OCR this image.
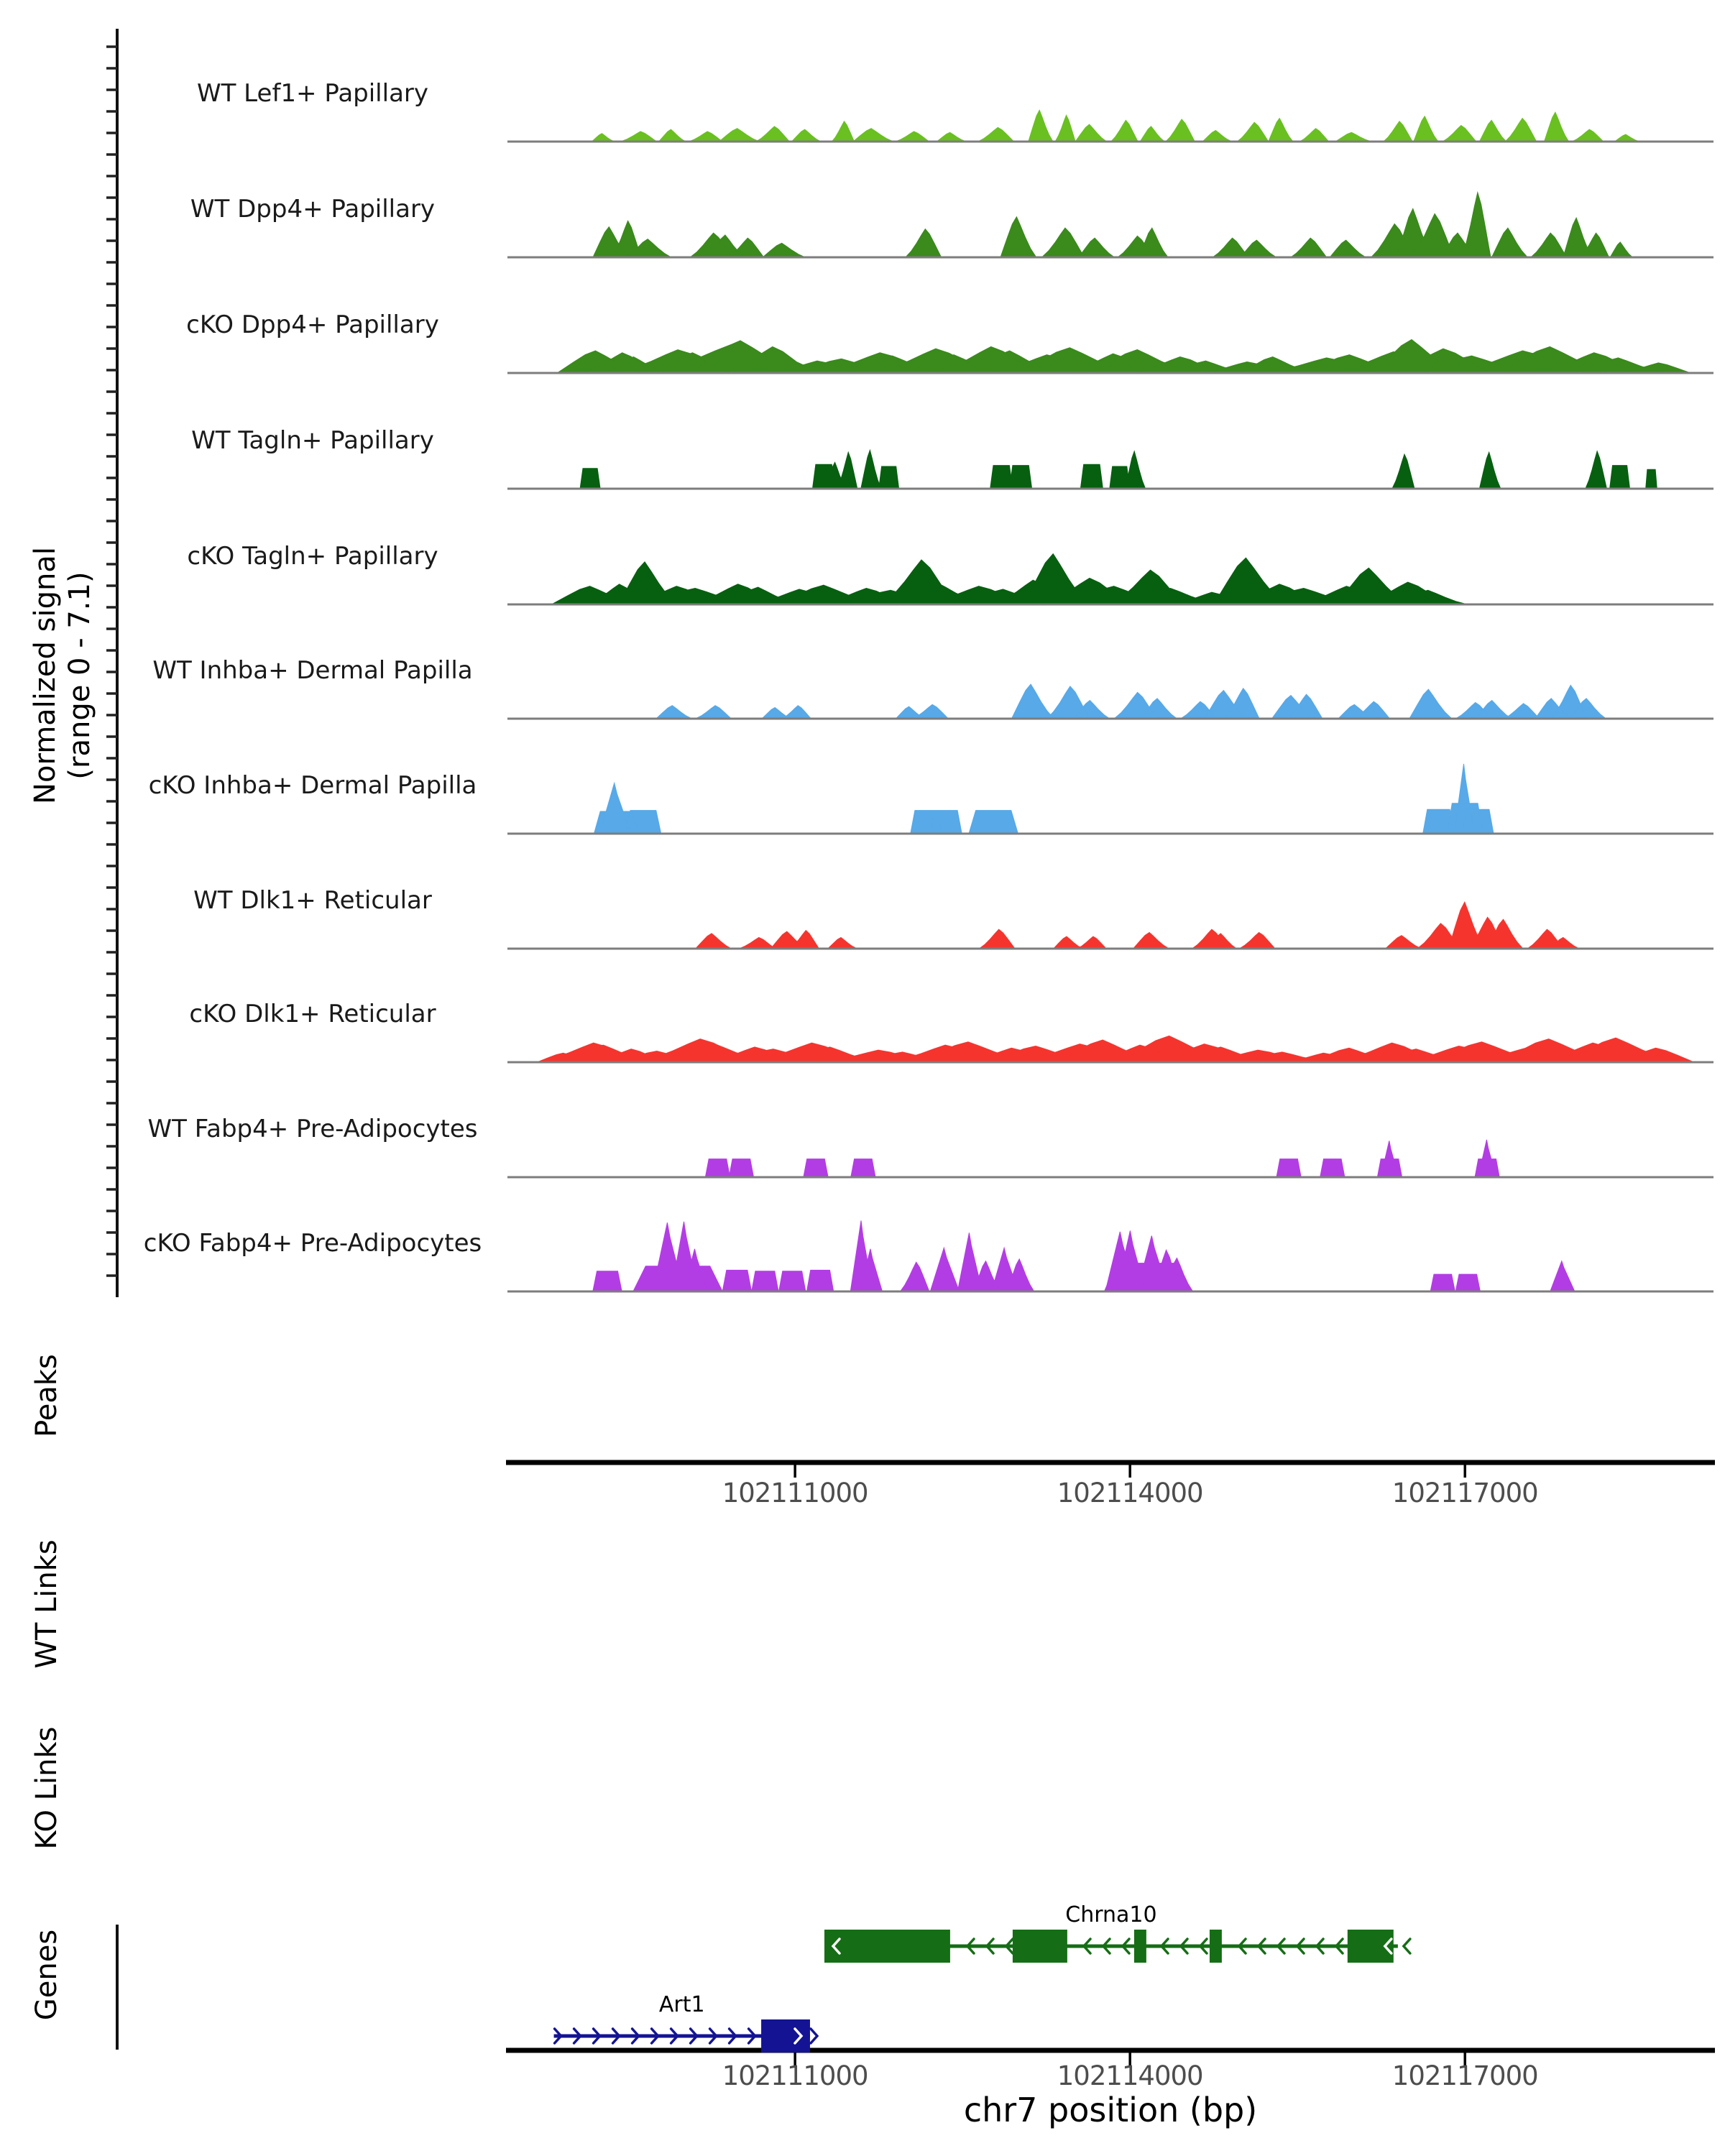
Normalized signal (range 0 - 7.1)
WT Lef1+ Papillary
WT Dpp4+ Papillary
cKO Dpp4+ Papillary
WT Tagln+ Papillary
cKO Tagln+ Papillary
WT Inhba+ Dermal Papilla
cKO Inhba+ Dermal Papilla
WT Dlk1+ Reticular
cKO Dlk1+ Reticular
WT Fabp4+ Pre-Adipocytes
cKO Fabp4+ Pre-Adipocytes
Peaks
WT Links
KO Links
Genes
102111000	102114000	102117000
102111000	102114000	102117000
Chrna10
Art1
chr7 position (bp)
